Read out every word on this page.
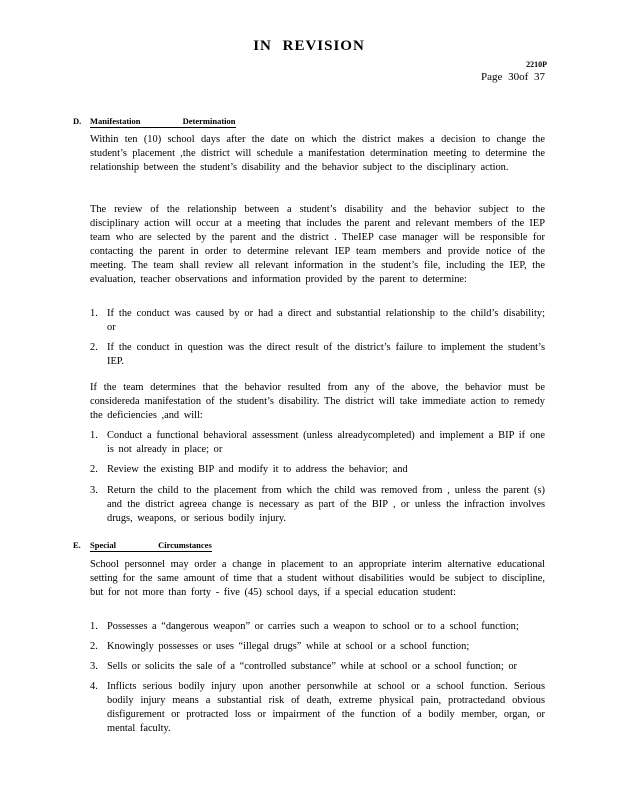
IN REVISION
2210P
Page 30of 37
D. Manifestation Determination
Within ten (10) school days after the date on which the district makes a decision to change the student’s placement ,the district will schedule a manifestation determination meeting to determine the relationship between the student’s disability and the behavior subject to the disciplinary action.
The review of the relationship between a student’s disability and the behavior subject to the disciplinary action will occur at a meeting that includes the parent and relevant members of the IEP team who are selected by the parent and the district . TheIEP case manager will be responsible for contacting the parent in order to determine relevant IEP team members and provide notice of the meeting. The team shall review all relevant information in the student’s file, including the IEP, the evaluation, teacher observations and information provided by the parent to determine:
1. If the conduct was caused by or had a direct and substantial relationship to the child’s disability; or
2. If the conduct in question was the direct result of the district’s failure to implement the student’s IEP.
If the team determines that the behavior resulted from any of the above, the behavior must be considereda manifestation of the student’s disability. The district will take immediate action to remedy the deficiencies ,and will:
1. Conduct a functional behavioral assessment (unless alreadycompleted) and implement a BIP if one is not already in place; or
2. Review the existing BIP and modify it to address the behavior; and
3. Return the child to the placement from which the child was removed from , unless the parent (s) and the district agreea change is necessary as part of the BIP , or unless the infraction involves drugs, weapons, or serious bodily injury.
E. Special Circumstances
School personnel may order a change in placement to an appropriate interim alternative educational setting for the same amount of time that a student without disabilities would be subject to discipline, but for not more than forty - five (45) school days, if a special education student:
1. Possesses a “dangerous weapon” or carries such a weapon to school or to a school function;
2. Knowingly possesses or uses “illegal drugs” while at school or a school function;
3. Sells or solicits the sale of a “controlled substance” while at school or a school function; or
4. Inflicts serious bodily injury upon another personwhile at school or a school function. Serious bodily injury means a substantial risk of death, extreme physical pain, protractedand obvious disfigurement or protracted loss or impairment of the function of a bodily member, organ, or mental faculty.
